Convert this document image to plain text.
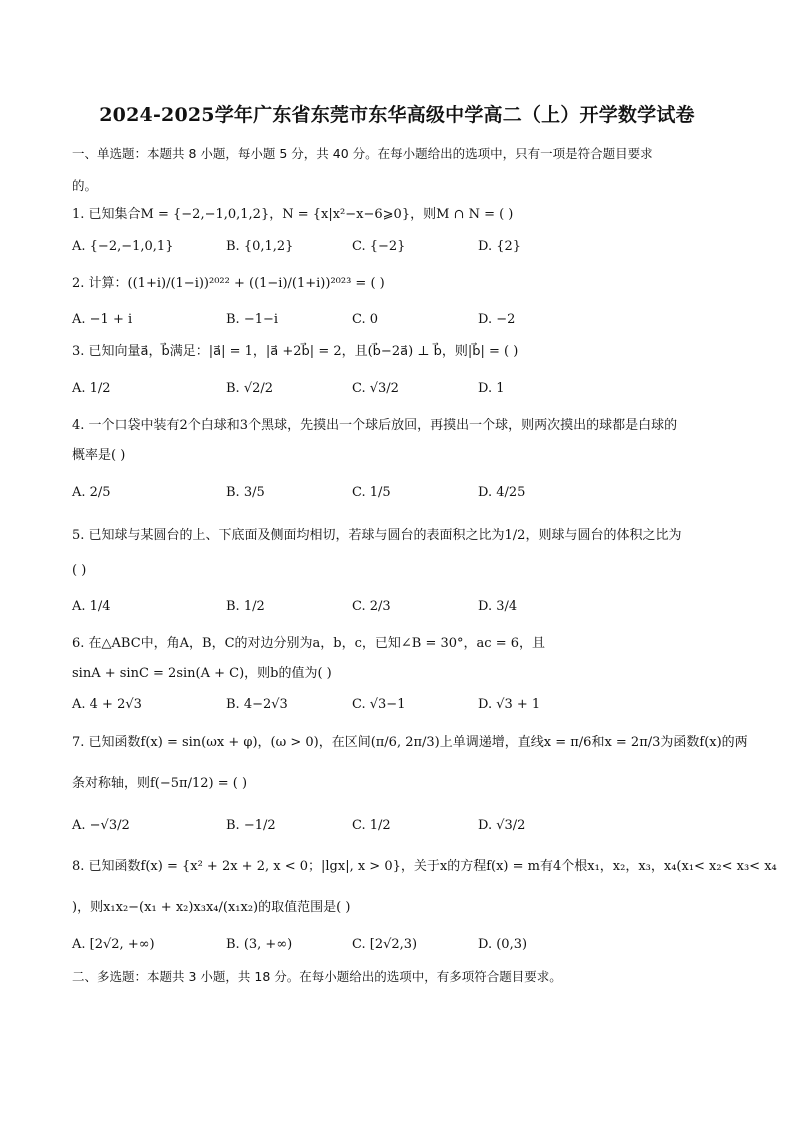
2024-2025学年广东省东莞市东华高级中学高二（上）开学数学试卷
一、单选题：本题共 8 小题，每小题 5 分，共 40 分。在每小题给出的选项中，只有一项是符合题目要求
的。
1. 已知集合M = {−2,−1,0,1,2}，N = {x|x²−x−6⩾0}，则M ∩ N = ( )
A. {−2,−1,0,1}	B. {0,1,2}	C. {−2}	D. {2}
2. 计算：((1+i)/(1−i))²⁰²² + ((1−i)/(1+i))²⁰²³ = ( )
A. −1 + i	B. −1−i	C. 0	D. −2
3. 已知向量a⃗，b⃗满足：|a⃗| = 1，|a⃗ +2b⃗| = 2，且(b⃗−2a⃗) ⊥ b⃗，则|b⃗| = ( )
A. 1/2	B. √2/2	C. √3/2	D. 1
4. 一个口袋中装有2个白球和3个黑球，先摸出一个球后放回，再摸出一个球，则两次摸出的球都是白球的
概率是( )
A. 2/5	B. 3/5	C. 1/5	D. 4/25
5. 已知球与某圆台的上、下底面及侧面均相切，若球与圆台的表面积之比为1/2，则球与圆台的体积之比为
( )
A. 1/4	B. 1/2	C. 2/3	D. 3/4
6. 在△ABC中，角A，B，C的对边分别为a，b，c，已知∠B = 30°，ac = 6，且
sinA + sinC = 2sin(A + C)，则b的值为( )
A. 4 + 2√3	B. 4−2√3	C. √3−1	D. √3 + 1
7. 已知函数f(x) = sin(ωx + φ)，(ω > 0)，在区间(π/6, 2π/3)上单调递增，直线x = π/6和x = 2π/3为函数f(x)的两
条对称轴，则f(−5π/12) = ( )
A. −√3/2	B. −1/2	C. 1/2	D. √3/2
8. 已知函数f(x) = {x² + 2x + 2, x < 0；|lgx|, x > 0}，关于x的方程f(x) = m有4个根x₁，x₂，x₃，x₄(x₁< x₂< x₃< x₄
)，则x₁x₂−(x₁ + x₂)x₃x₄/(x₁x₂)的取值范围是( )
A. [2√2, +∞)	B. (3, +∞)	C. [2√2,3)	D. (0,3)
二、多选题：本题共 3 小题，共 18 分。在每小题给出的选项中，有多项符合题目要求。
